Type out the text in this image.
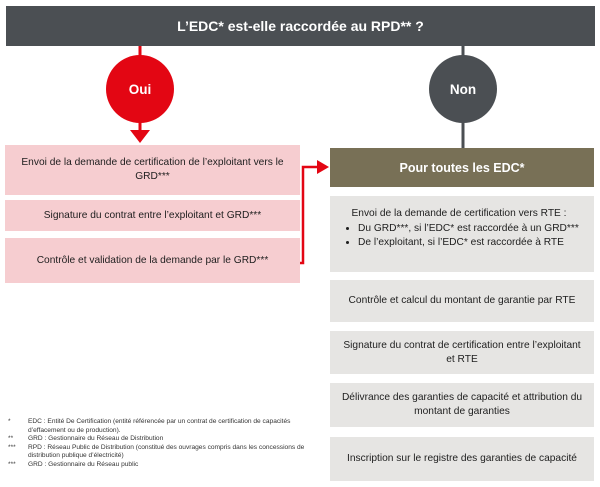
L’EDC* est-elle raccordée au RPD** ?
Oui	Non
Envoi de la demande de certification de l’exploitant vers le GRD***
Signature du contrat entre l’exploitant et GRD***
Contrôle et validation de la demande par le GRD***
Pour toutes les EDC*
Envoi de la demande de certification vers RTE :
• Du GRD***, si l’EDC* est raccordée à un GRD***
• De l’exploitant, si l’EDC* est raccordée à RTE
Contrôle et calcul du montant de garantie par RTE
Signature du contrat de certification entre l’exploitant et RTE
Délivrance des garanties de capacité et attribution du montant de garanties
Inscription sur le registre des garanties de capacité
*	EDC : Entité De Certification (entité référencée par un contrat de certification de capacités d’effacement ou de production).
**	GRD : Gestionnaire du Réseau de Distribution
***	RPD : Réseau Public de Distribution (constitué des ouvrages compris dans les concessions de distribution publique d’électricité)
***	GRD : Gestionnaire du Réseau public
